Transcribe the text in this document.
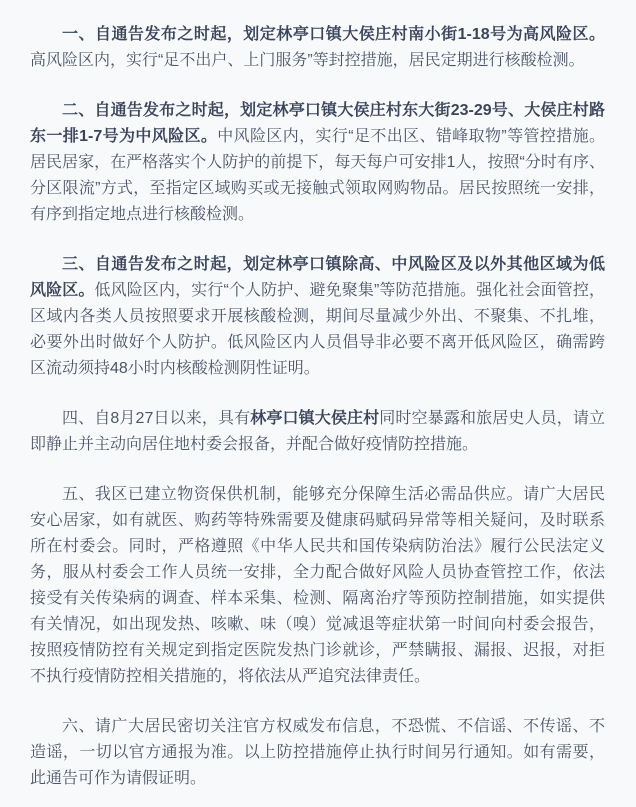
一、自通告发布之时起，划定林亭口镇大侯庄村南小街1-18号为高风险区。高风险区内，实行“足不出户、上门服务”等封控措施，居民定期进行核酸检测。

二、自通告发布之时起，划定林亭口镇大侯庄村东大街23-29号、大侯庄村路东一排1-7号为中风险区。中风险区内，实行“足不出区、错峰取物”等管控措施。居民居家，在严格落实个人防护的前提下，每天每户可安排1人，按照“分时有序、分区限流”方式，至指定区域购买或无接触式领取网购物品。居民按照统一安排，有序到指定地点进行核酸检测。

三、自通告发布之时起，划定林亭口镇除高、中风险区及以外其他区域为低风险区。低风险区内，实行“个人防护、避免聚集”等防范措施。强化社会面管控，区域内各类人员按照要求开展核酸检测，期间尽量减少外出、不聚集、不扎堆，必要外出时做好个人防护。低风险区内人员倡导非必要不离开低风险区，确需跨区流动须持48小时内核酸检测阴性证明。

四、自8月27日以来，具有林亭口镇大侯庄村同时空暴露和旅居史人员，请立即静止并主动向居住地村委会报备，并配合做好疫情防控措施。

五、我区已建立物资保供机制，能够充分保障生活必需品供应。请广大居民安心居家，如有就医、购药等特殊需要及健康码赋码异常等相关疑问，及时联系所在村委会。同时，严格遵照《中华人民共和国传染病防治法》履行公民法定义务，服从村委会工作人员统一安排，全力配合做好风险人员协查管控工作，依法接受有关传染病的调查、样本采集、检测、隔离治疗等预防控制措施，如实提供有关情况，如出现发热、咳嗽、味（嗅）觉减退等症状第一时间向村委会报告，按照疫情防控有关规定到指定医院发热门诊就诊，严禁瞒报、漏报、迟报，对拒不执行疫情防控相关措施的，将依法从严追究法律责任。

六、请广大居民密切关注官方权威发布信息，不恐慌、不信谣、不传谣、不造谣，一切以官方通报为准。以上防控措施停止执行时间另行通知。如有需要，此通告可作为请假证明。
